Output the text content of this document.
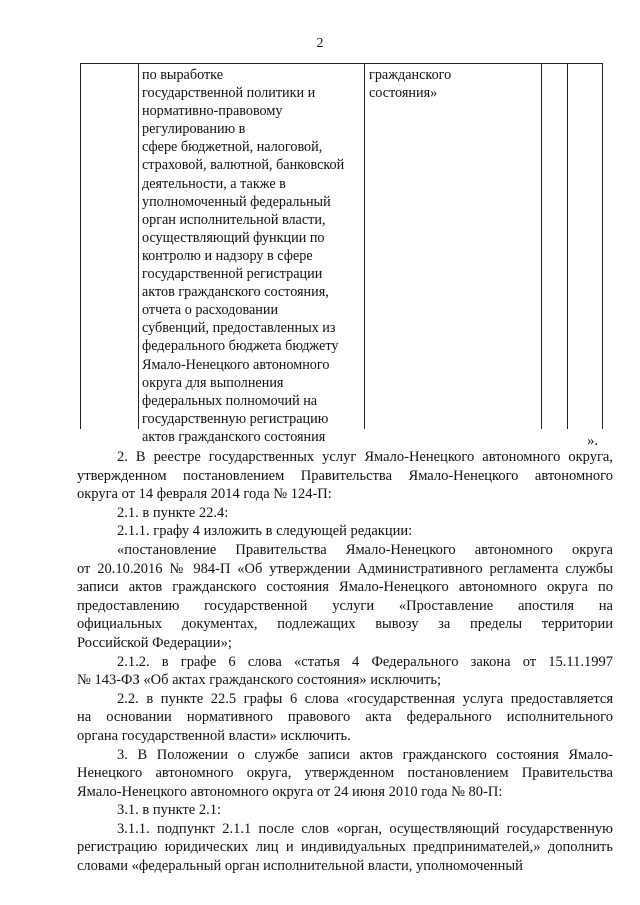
2
по выработке
государственной политики и
нормативно-правовому
регулированию в
сфере бюджетной, налоговой,
страховой, валютной, банковской
деятельности, а также в
уполномоченный федеральный
орган исполнительной власти,
осуществляющий функции по
контролю и надзору в сфере
государственной регистрации
актов гражданского состояния,
отчета о расходовании
субвенций, предоставленных из
федерального бюджета бюджету
Ямало-Ненецкого автономного
округа для выполнения
федеральных полномочий на
государственную регистрацию
актов гражданского состояния
гражданского
состояния»
».
2. В реестре государственных услуг Ямало-Ненецкого автономного округа,
утвержденном постановлением Правительства Ямало-Ненецкого автономного
округа от 14 февраля 2014 года № 124-П:
2.1. в пункте 22.4:
2.1.1. графу 4 изложить в следующей редакции:
«постановление Правительства Ямало-Ненецкого автономного округа
от 20.10.2016 № 984-П «Об утверждении Административного регламента службы
записи актов гражданского состояния Ямало-Ненецкого автономного округа по
предоставлению государственной услуги «Проставление апостиля на
официальных документах, подлежащих вывозу за пределы территории
Российской Федерации»;
2.1.2. в графе 6 слова «статья 4 Федерального закона от 15.11.1997
№ 143-ФЗ «Об актах гражданского состояния» исключить;
2.2. в пункте 22.5 графы 6 слова «государственная услуга предоставляется
на основании нормативного правового акта федерального исполнительного
органа государственной власти» исключить.
3. В Положении о службе записи актов гражданского состояния Ямало-
Ненецкого автономного округа, утвержденном постановлением Правительства
Ямало-Ненецкого автономного округа от 24 июня 2010 года № 80-П:
3.1. в пункте 2.1:
3.1.1. подпункт 2.1.1 после слов «орган, осуществляющий государственную
регистрацию юридических лиц и индивидуальных предпринимателей,» дополнить
словами «федеральный орган исполнительной власти, уполномоченный
